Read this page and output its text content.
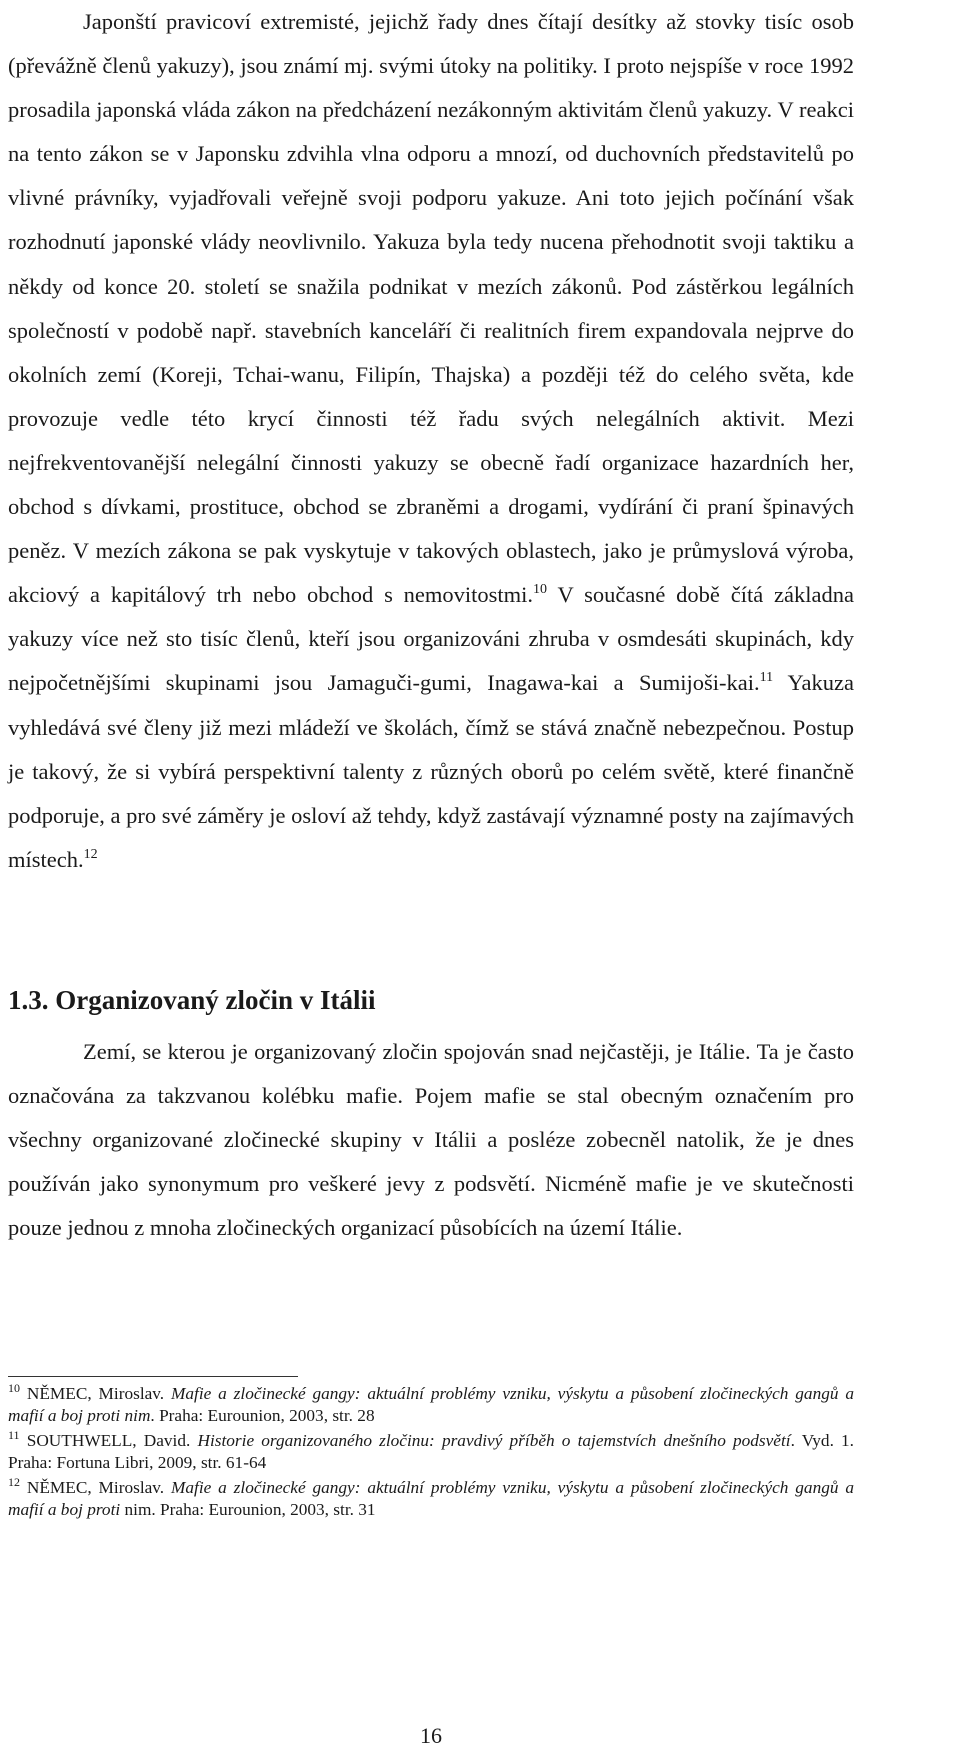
Japonští pravicoví extremisté, jejichž řady dnes čítají desítky až stovky tisíc osob (převážně členů yakuzy), jsou známí mj. svými útoky na politiky. I proto nejspíše v roce 1992 prosadila japonská vláda zákon na předcházení nezákonným aktivitám členů yakuzy. V reakci na tento zákon se v Japonsku zdvihla vlna odporu a mnozí, od duchovních představitelů po vlivné právníky, vyjadřovali veřejně svoji podporu yakuze. Ani toto jejich počínání však rozhodnutí japonské vlády neovlivnilo. Yakuza byla tedy nucena přehodnotit svoji taktiku a někdy od konce 20. století se snažila podnikat v mezích zákonů. Pod zástěrkou legálních společností v podobě např. stavebních kanceláří či realitních firem expandovala nejprve do okolních zemí (Koreji, Tchai-wanu, Filipín, Thajska) a později též do celého světa, kde provozuje vedle této krycí činnosti též řadu svých nelegálních aktivit. Mezi nejfrekventovanější nelegální činnosti yakuzy se obecně řadí organizace hazardních her, obchod s dívkami, prostituce, obchod se zbraněmi a drogami, vydírání či praní špinavých peněz. V mezích zákona se pak vyskytuje v takových oblastech, jako je průmyslová výroba, akciový a kapitálový trh nebo obchod s nemovitostmi.$^{10}$ V současné době čítá základna yakuzy více než sto tisíc členů, kteří jsou organizováni zhruba v osmdesáti skupinách, kdy nejpočetnějšími skupinami jsou Jamaguči-gumi, Inagawa-kai a Sumijoši-kai.$^{11}$ Yakuza vyhledává své členy již mezi mládeží ve školách, čímž se stává značně nebezpečnou. Postup je takový, že si vybírá perspektivní talenty z různých oborů po celém světě, které finančně podporuje, a pro své záměry je osloví až tehdy, když zastávají významné posty na zajímavých místech.$^{12}$

1.3. Organizovaný zločin v Itálii

Zemí, se kterou je organizovaný zločin spojován snad nejčastěji, je Itálie. Ta je často označována za takzvanou kolébku mafie. Pojem mafie se stal obecným označením pro všechny organizované zločinecké skupiny v Itálii a posléze zobecněl natolik, že je dnes používán jako synonymum pro veškeré jevy z podsvětí. Nicméně mafie je ve skutečnosti pouze jednou z mnoha zločineckých organizací působících na území Itálie.

$^{10}$ NĚMEC, Miroslav. Mafie a zločinecké gangy: aktuální problémy vzniku, výskytu a působení zločineckých gangů a mafií a boj proti nim. Praha: Eurounion, 2003, str. 28

$^{11}$ SOUTHWELL, David. Historie organizovaného zločinu: pravdivý příběh o tajemstvích dnešního podsvětí. Vyd. 1. Praha: Fortuna Libri, 2009, str. 61-64

$^{12}$ NĚMEC, Miroslav. Mafie a zločinecké gangy: aktuální problémy vzniku, výskytu a působení zločineckých gangů a mafií a boj proti nim. Praha: Eurounion, 2003, str. 31

16
